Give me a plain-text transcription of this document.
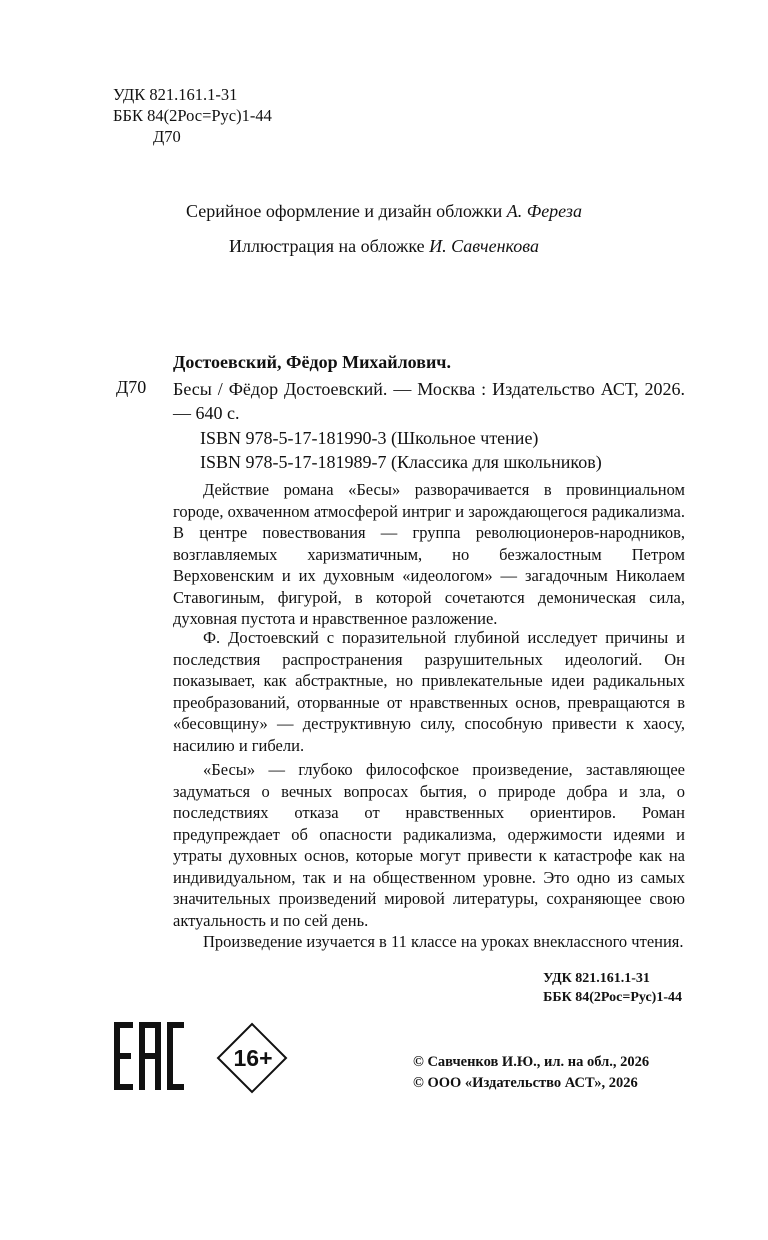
УДК 821.161.1-31
ББК 84(2Рос=Рус)1-44
Д70
Серийное оформление и дизайн обложки А. Фереза
Иллюстрация на обложке И. Савченкова
Достоевский, Фёдор Михайлович.
Д70 Бесы / Фёдор Достоевский. — Москва : Издательство АСТ, 2026. — 640 с.
ISBN 978-5-17-181990-3 (Школьное чтение)
ISBN 978-5-17-181989-7 (Классика для школьников)
Действие романа «Бесы» разворачивается в провинциальном городе, охваченном атмосферой интриг и зарождающегося радикализма. В центре повествования — группа революционеров-народников, возглавляемых харизматичным, но безжалостным Петром Верховенским и их духовным «идеологом» — загадочным Николаем Ставогиным, фигурой, в которой сочетаются демоническая сила, духовная пустота и нравственное разложение.
Ф. Достоевский с поразительной глубиной исследует причины и последствия распространения разрушительных идеологий. Он показывает, как абстрактные, но привлекательные идеи радикальных преобразований, оторванные от нравственных основ, превращаются в «бесовщину» — деструктивную силу, способную привести к хаосу, насилию и гибели.
«Бесы» — глубоко философское произведение, заставляющее задуматься о вечных вопросах бытия, о природе добра и зла, о последствиях отказа от нравственных ориентиров. Роман предупреждает об опасности радикализма, одержимости идеями и утраты духовных основ, которые могут привести к катастрофе как на индивидуальном, так и на общественном уровне. Это одно из самых значительных произведений мировой литературы, сохраняющее свою актуальность и по сей день.
Произведение изучается в 11 классе на уроках внеклассного чтения.
УДК 821.161.1-31
ББК 84(2Рос=Рус)1-44
16+	© Савченков И.Ю., ил. на обл., 2026
© ООО «Издательство АСТ», 2026
